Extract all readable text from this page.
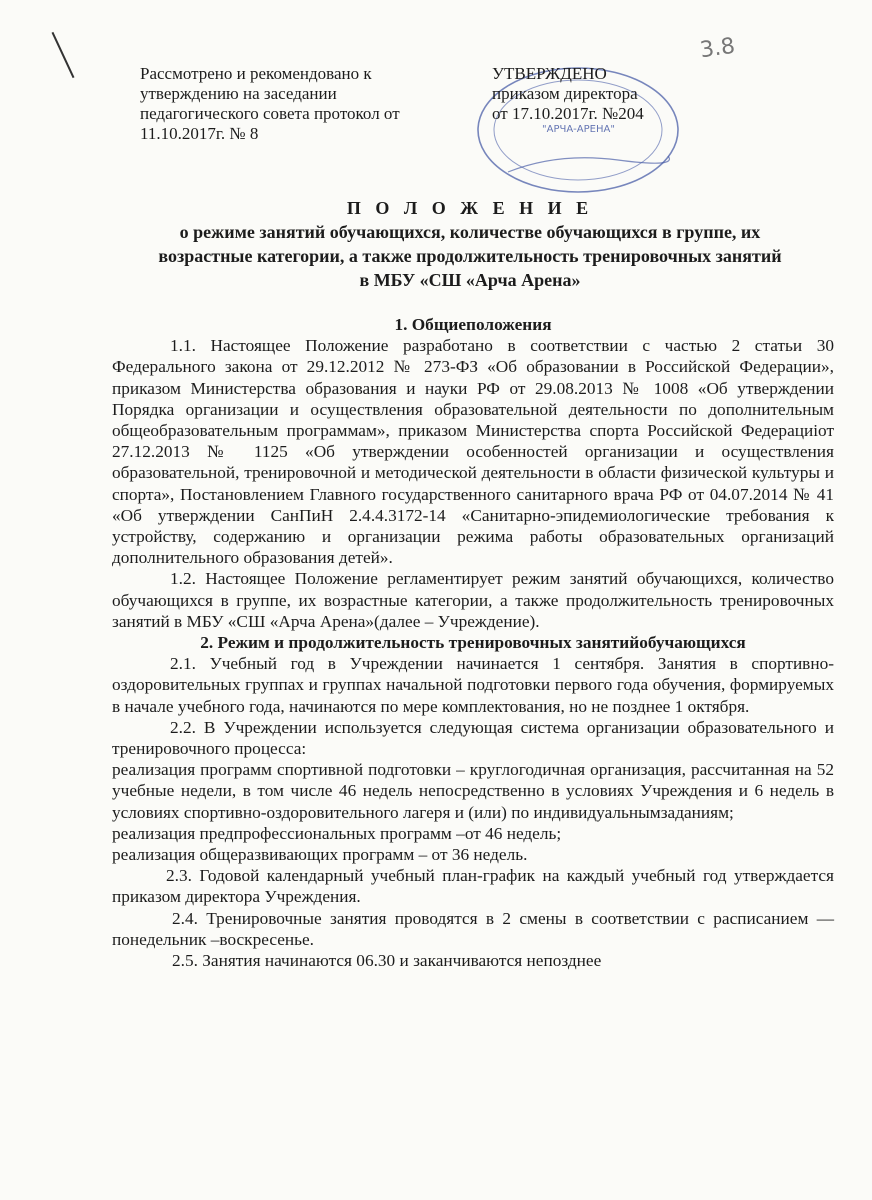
3.8
Рассмотрено и рекомендовано к
утверждению на заседании
педагогического совета протокол от
11.10.2017г. № 8	"АРЧА-АРЕНА"
УТВЕРЖДЕНО
приказом директора
от 17.10.2017г. №204
П О Л О Ж Е Н И Е
о режиме занятий обучающихся, количестве обучающихся в группе, их
возрастные категории, а также продолжительность тренировочных занятий
в МБУ «СШ «Арча Арена»
1. Общиеположения

1.1. Настоящее Положение разработано в соответствии с частью 2 статьи 30 Федерального закона от 29.12.2012 № 273-ФЗ «Об образовании в Российской Федерации», приказом Министерства образования и науки РФ от 29.08.2013 № 1008 «Об утверждении Порядка организации и осуществления образовательной деятельности по дополнительным общеобразовательным программам», приказом Министерства спорта Российской Федерациiот 27.12.2013 № 1125 «Об утверждении особенностей организации и осуществления образовательной, тренировочной и методической деятельности в области физической культуры и спорта», Постановлением Главного государственного санитарного врача РФ от 04.07.2014 № 41 «Об утверждении СанПиН 2.4.4.3172-14 «Санитарно-эпидемиологические требования к устройству, содержанию и организации режима работы образовательных организаций дополнительного образования детей».

1.2. Настоящее Положение регламентирует режим занятий обучающихся, количество обучающихся в группе, их возрастные категории, а также продолжительность тренировочных занятий в МБУ «СШ «Арча Арена»(далее – Учреждение).

2. Режим и продолжительность тренировочных занятийобучающихся

2.1. Учебный год в Учреждении начинается 1 сентября. Занятия в спортивно-оздоровительных группах и группах начальной подготовки первого года обучения, формируемых в начале учебного года, начинаются по мере комплектования, но не позднее 1 октября.

2.2. В Учреждении используется следующая система организации образовательного и тренировочного процесса:

реализация программ спортивной подготовки – круглогодичная организация, рассчитанная на 52 учебные недели, в том числе 46 недель непосредственно в условиях Учреждения и 6 недель в условиях спортивно-оздоровительного лагеря и (или) по индивидуальнымзаданиям;

реализация предпрофессиональных программ –от 46 недель;

реализация общеразвивающих программ – от 36 недель.

2.3. Годовой календарный учебный план-график на каждый учебный год утверждается приказом директора Учреждения.

2.4. Тренировочные занятия проводятся в 2 смены в соответствии с расписанием — понедельник –воскресенье.

2.5. Занятия начинаются 06.30 и заканчиваются непозднее
